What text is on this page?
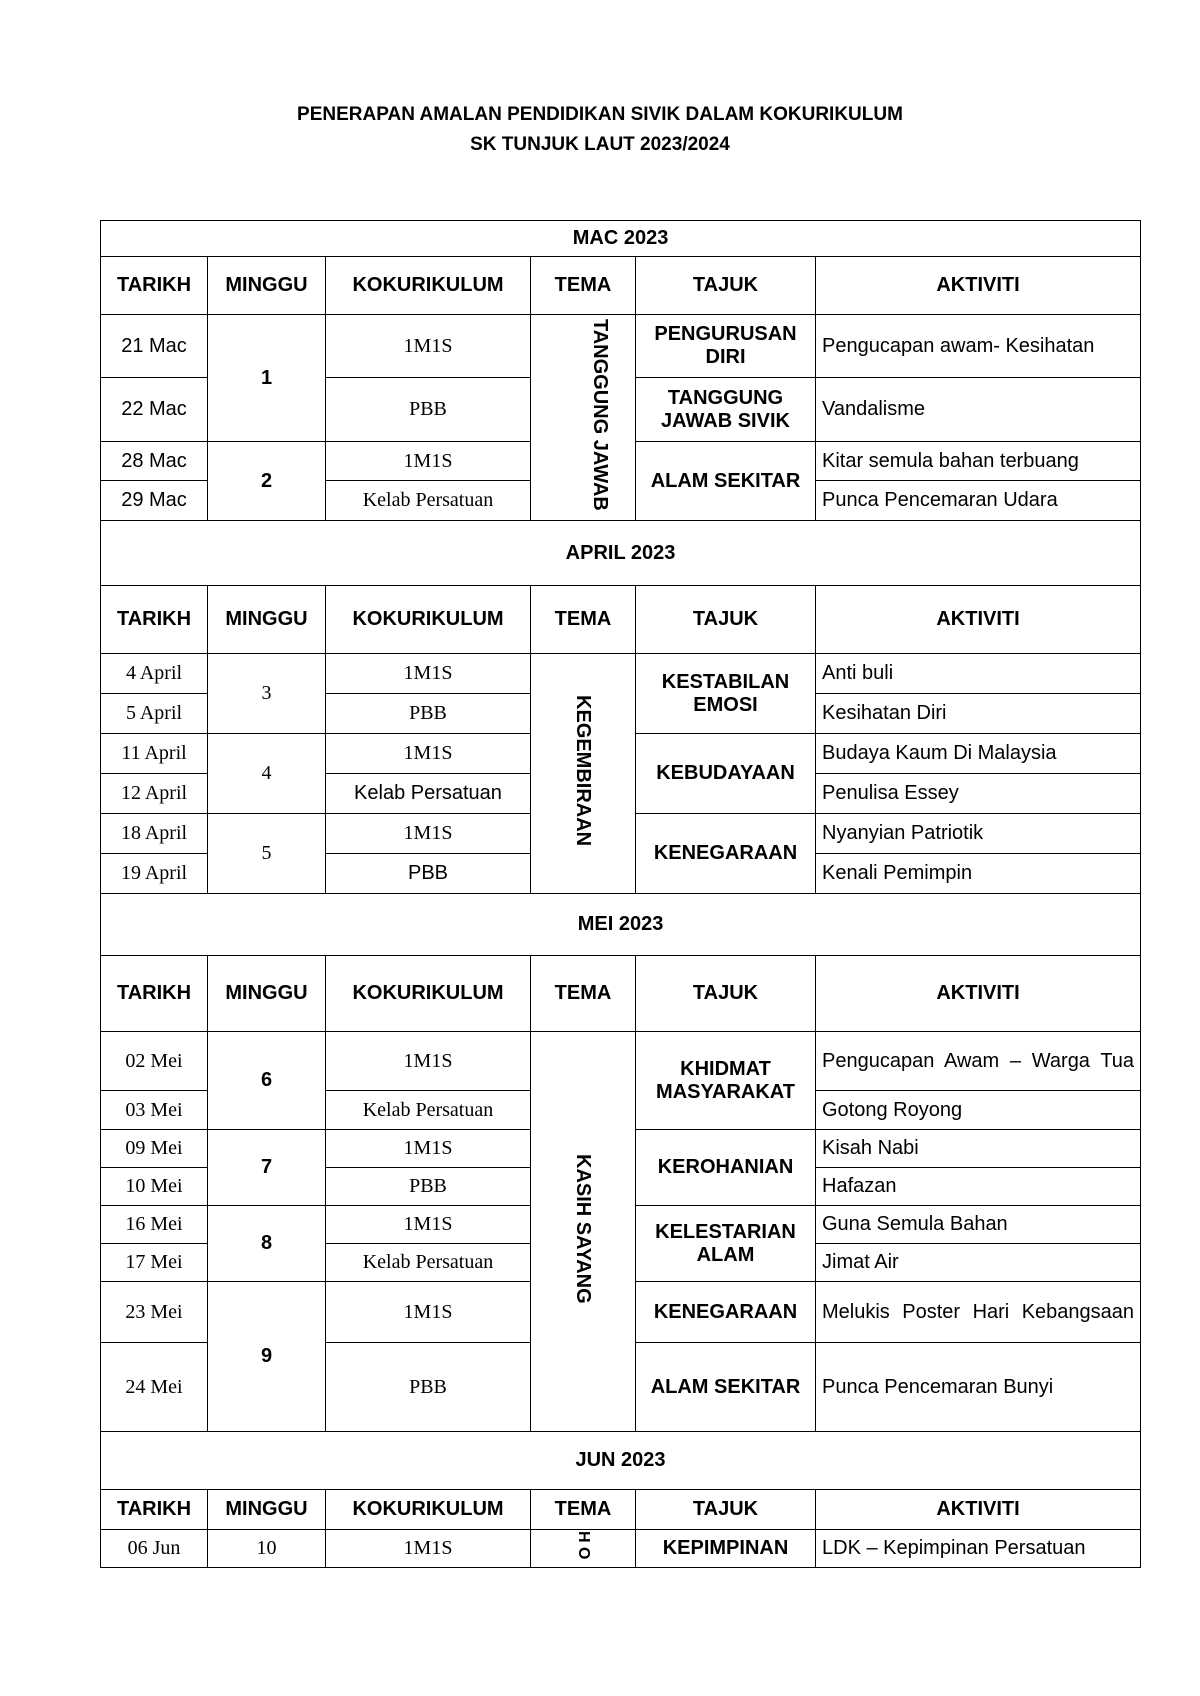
PENERAPAN AMALAN PENDIDIKAN SIVIK DALAM KOKURIKULUM
SK TUNJUK LAUT 2023/2024
MAC 2023					
TARIKH	MINGGU	KOKURIKULUM	TEMA	TAJUK	AKTIVITI
21 Mac	1	1M1S	TANGGUNG JAWAB	PENGURUSAN DIRI	Pengucapan awam- Kesihatan
22 Mac		PBB		TANGGUNG JAWAB SIVIK	Vandalisme
28 Mac	2	1M1S		ALAM SEKITAR	Kitar semula bahan terbuang
29 Mac		Kelab Persatuan			Punca Pencemaran Udara
APRIL 2023					
TARIKH	MINGGU	KOKURIKULUM	TEMA	TAJUK	AKTIVITI
4 April	3	1M1S	KEGEMBIRAAN	KESTABILAN EMOSI	Anti buli
5 April		PBB			Kesihatan Diri
11 April	4	1M1S		KEBUDAYAAN	Budaya Kaum Di Malaysia
12 April		Kelab Persatuan			Penulisa Essey
18 April	5	1M1S		KENEGARAAN	Nyanyian Patriotik
19 April		PBB			Kenali Pemimpin
MEI 2023					
TARIKH	MINGGU	KOKURIKULUM	TEMA	TAJUK	AKTIVITI
02 Mei	6	1M1S	KASIH SAYANG	KHIDMAT MASYARAKAT	Pengucapan Awam – Warga Tua
03 Mei		Kelab Persatuan			Gotong Royong
09 Mei	7	1M1S		KEROHANIAN	Kisah Nabi
10 Mei		PBB			Hafazan
16 Mei	8	1M1S		KELESTARIAN ALAM	Guna Semula Bahan
17 Mei		Kelab Persatuan			Jimat Air
23 Mei	9	1M1S		KENEGARAAN	Melukis Poster Hari Kebangsaan
24 Mei		PBB		ALAM SEKITAR	Punca Pencemaran Bunyi
JUN 2023					
TARIKH	MINGGU	KOKURIKULUM	TEMA	TAJUK	AKTIVITI
06 Jun	10	1M1S	H O	KEPIMPINAN	LDK – Kepimpinan Persatuan
